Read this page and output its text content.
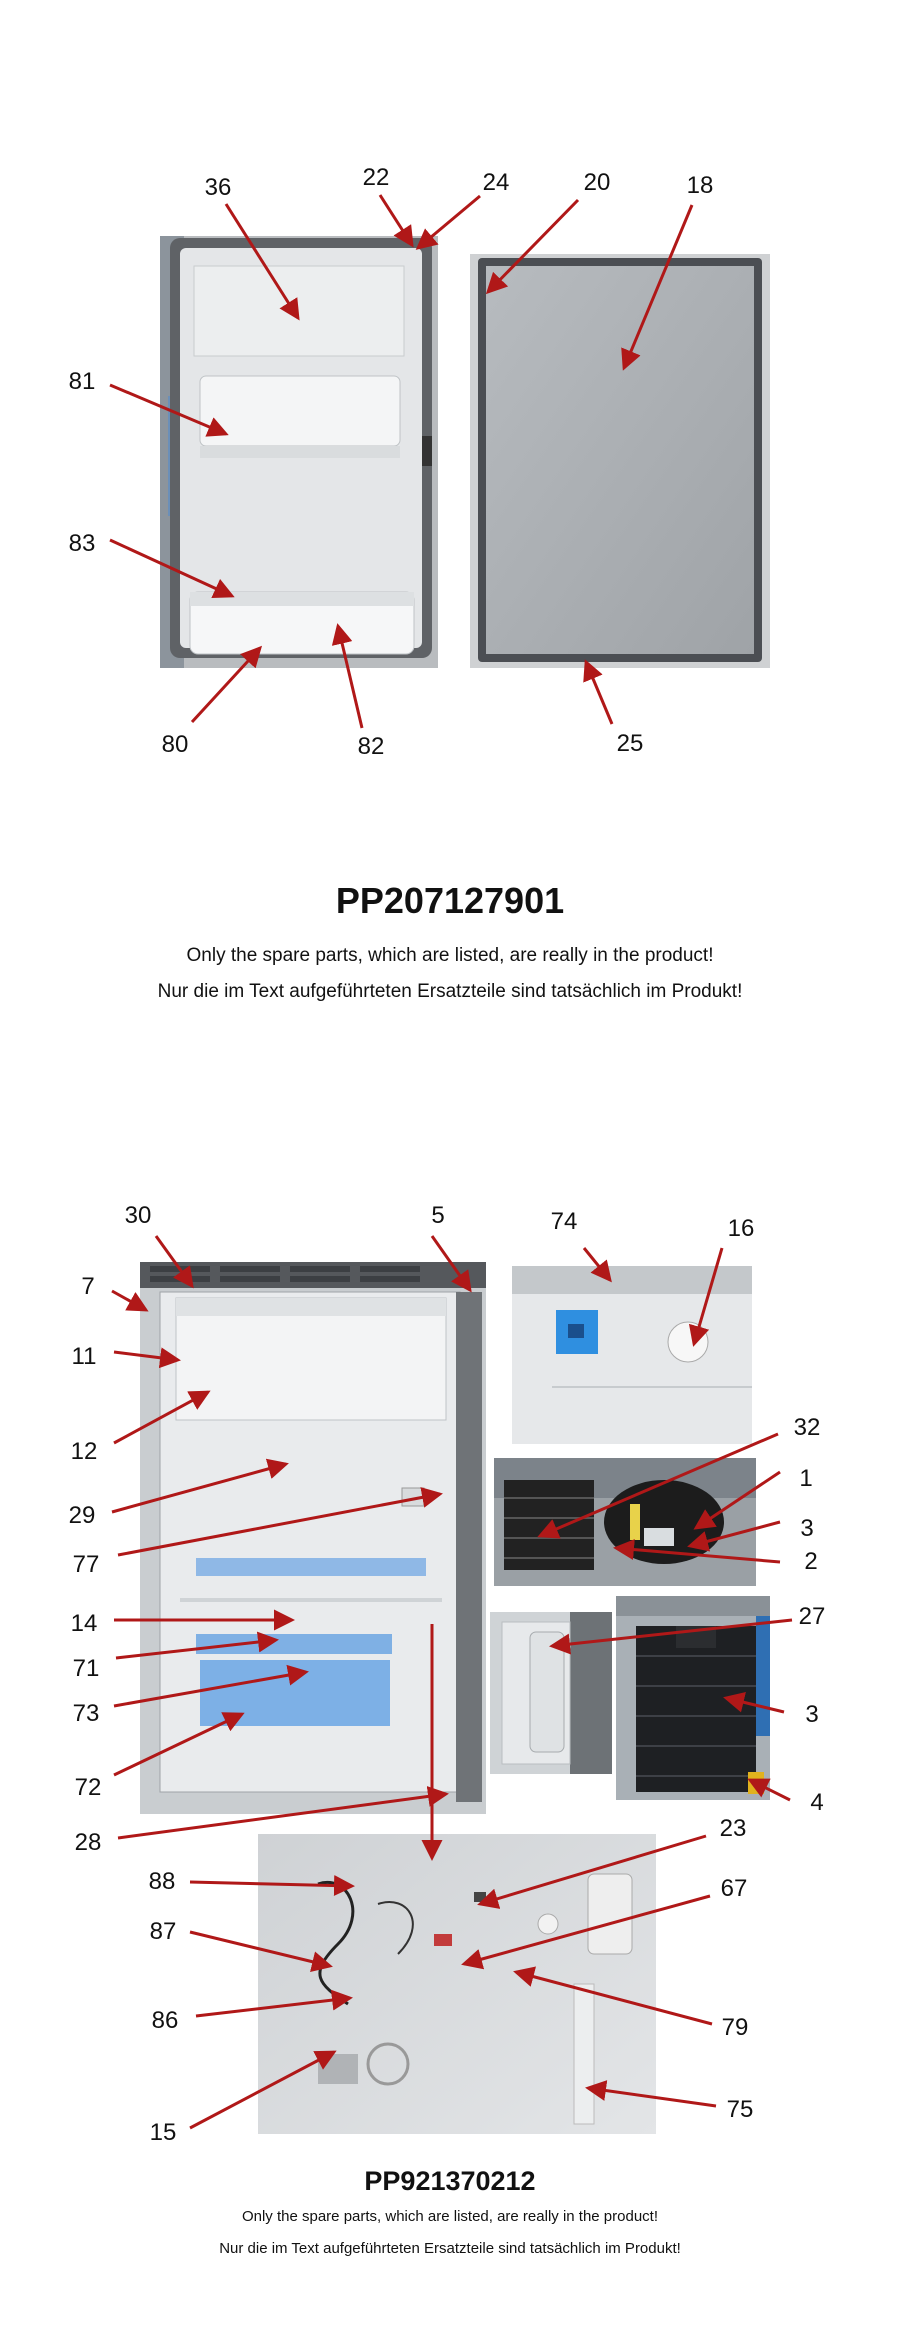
36	22	24	20	18
81
83
80	82	25
PP207127901
Only the spare parts, which are listed, are really in the product!
Nur die im Text aufgeführteten Ersatzteile sind tatsächlich im Produkt!
30	5
7
11
12
29
77
14
71
73
72
28
74	16
32
1
3
2
27
3
4
23
88	67
87
86	79
15
75
PP921370212
Only the spare parts, which are listed, are really in the product!
Nur die im Text aufgeführteten Ersatzteile sind tatsächlich im Produkt!
